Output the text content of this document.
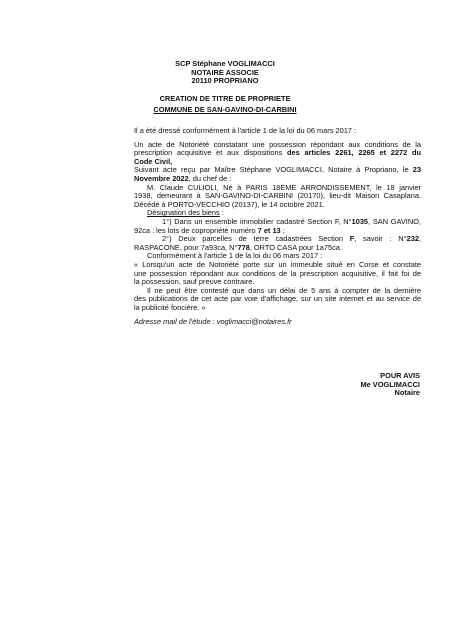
SCP Stéphane VOGLIMACCI
NOTAIRE ASSOCIE
20110 PROPRIANO
CREATION DE TITRE DE PROPRIETE
COMMUNE DE SAN-GAVINO-DI-CARBINI
Il a été dressé conformément à l'article 1 de la loi du 06 mars 2017 :
Un acte de Notoriété constatant une possession répondant aux conditions de la
prescription acquisitive et aux dispositions des articles 2261, 2265 et 2272 du
Code Civil,
Suivant acte reçu par Maître Stéphane VOGLIMACCI, Notaire à Propriano, le 23
Novembre 2022, du chef de :
M. Claude CULIOLI, Né à PARIS 18ÈME ARRONDISSEMENT, le 18 janvier
1938, demeurant à SAN-GAVINO-DI-CARBINI (20170), lieu-dit Maison Casaplana.
Décédé à PORTO-VECCHIO (20137), le 14 octobre 2021.
Désignation des biens :
1°) Dans un ensemble immobilier cadastré Section F, N°1035, SAN GAVINO,
92ca : les lots de copropriété numéro 7 et 13 ;
2°) Deux parcelles de terre cadastrées Section F, savoir : N°232,
RASPACONE, pour 7a93ca, N°778, ORTO CASA pour 1a75ca.
Conformément à l'article 1 de la loi du 06 mars 2017 :
« Lorsqu'un acte de Notoriété porte sur un immeuble situé en Corse et constate
une possession répondant aux conditions de la prescription acquisitive, il fait foi de
la possession, sauf preuve contraire.
Il ne peut être contesté que dans un délai de 5 ans à compter de la dernière
des publications de cet acte par voie d'affichage, sur un site internet et au service de
la publicité foncière. »
Adresse mail de l'étude : voglimacci@notaires.fr
POUR AVIS
Me VOGLIMACCI
Notaire
